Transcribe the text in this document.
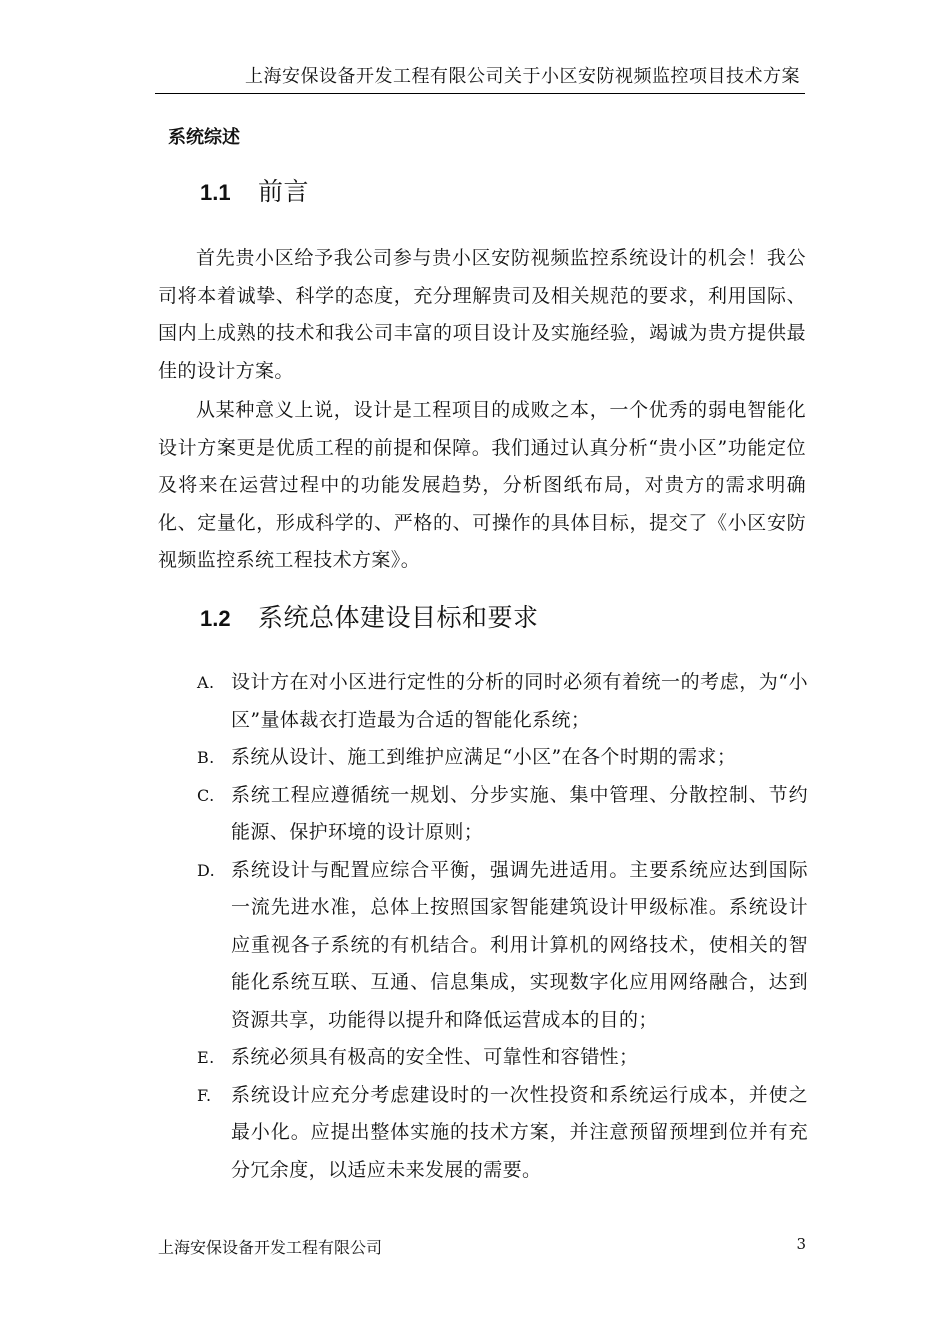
上海安保设备开发工程有限公司关于小区安防视频监控项目技术方案
系统综述
1.1 前言

首先贵小区给予我公司参与贵小区安防视频监控系统设计的机会！我公司将本着诚挚、科学的态度，充分理解贵司及相关规范的要求，利用国际、国内上成熟的技术和我公司丰富的项目设计及实施经验，竭诚为贵方提供最佳的设计方案。

从某种意义上说，设计是工程项目的成败之本，一个优秀的弱电智能化设计方案更是优质工程的前提和保障。我们通过认真分析“贵小区”功能定位及将来在运营过程中的功能发展趋势，分析图纸布局，对贵方的需求明确化、定量化，形成科学的、严格的、可操作的具体目标，提交了《小区安防视频监控系统工程技术方案》。

1.2 系统总体建设目标和要求
A. 设计方在对小区进行定性的分析的同时必须有着统一的考虑，为“小区”量体裁衣打造最为合适的智能化系统；
B. 系统从设计、施工到维护应满足“小区”在各个时期的需求；
C. 系统工程应遵循统一规划、分步实施、集中管理、分散控制、节约能源、保护环境的设计原则；
D. 系统设计与配置应综合平衡，强调先进适用。主要系统应达到国际一流先进水准，总体上按照国家智能建筑设计甲级标准。系统设计应重视各子系统的有机结合。利用计算机的网络技术，使相关的智能化系统互联、互通、信息集成，实现数字化应用网络融合，达到资源共享，功能得以提升和降低运营成本的目的；
E. 系统必须具有极高的安全性、可靠性和容错性；
F. 系统设计应充分考虑建设时的一次性投资和系统运行成本，并使之最小化。应提出整体实施的技术方案，并注意预留预埋到位并有充分冗余度，以适应未来发展的需要。
上海安保设备开发工程有限公司	3
